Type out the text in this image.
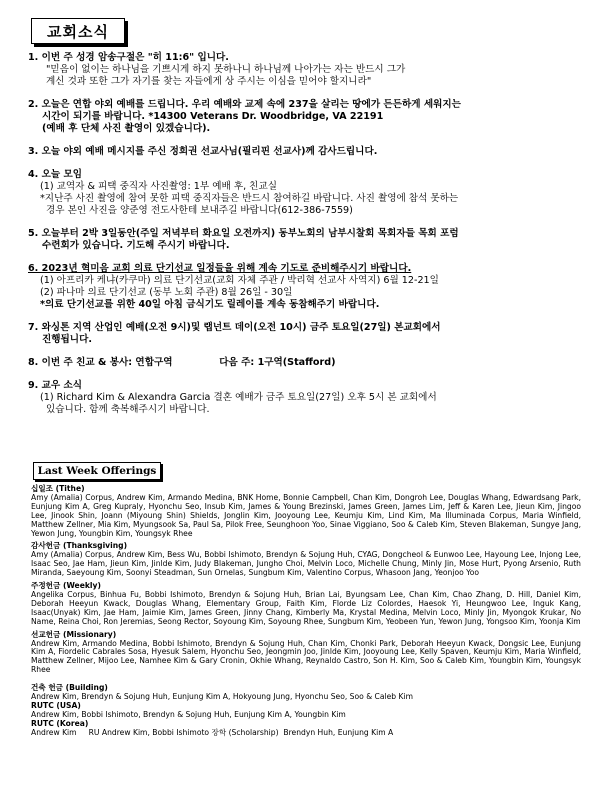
교회소식
1. 이번 주 성경 암송구절은 "히 11:6" 입니다.
"믿음이 없이는 하나님을 기쁘시게 하지 못하나니 하나님께 나아가는 자는 반드시 그가
계신 것과 또한 그가 자기를 찾는 자들에게 상 주시는 이심을 믿어야 할지니라"
2. 오늘은 연합 야외 예배를 드립니다. 우리 예배와 교제 속에 237을 살리는 땅에가 든든하게 세워지는
시간이 되기를 바랍니다. *14300 Veterans Dr. Woodbridge, VA 22191
(예배 후 단체 사진 촬영이 있겠습니다).
3. 오늘 야외 예배 메시지를 주신 정희권 선교사님(필리핀 선교사)께 감사드립니다.
4. 오늘 모임
(1) 교역자 & 피택 중직자 사진촬영: 1부 예배 후, 친교실
*지난주 사진 촬영에 참여 못한 피택 중직자들은 반드시 참여하길 바랍니다. 사진 촬영에 참석 못하는
경우 본인 사진을 양준영 전도사한테 보내주길 바랍니다(612-386-7559)
5. 오늘부터 2박 3일동안(주일 저녁부터 화요일 오전까지) 동부노회의 남부시찰회 목회자들 목회 포럼
수련회가 있습니다. 기도해 주시기 바랍니다.
6. 2023년 혁미음 교회 의료 단기선교 일정들을 위해 계속 기도로 준비해주시기 바랍니다.
(1) 아프리카 케냐(카쿠마) 의료 단기선교(교회 자체 주관 / 박리혁 선교사 사역지) 6월 12-21일
(2) 파나마 의료 단기선교 (동부 노회 주관) 8월 26일 - 30일
*의료 단기선교를 위한 40일 아침 금식기도 릴레이를 계속 동참해주기 바랍니다.
7. 와싱톤 지역 산업인 예배(오전 9시)및 랩넌트 데이(오전 10시) 금주 토요일(27일) 본교회에서
진행됩니다.
8. 이번 주 친교 & 봉사: 연합구역              다음 주: 1구역(Stafford)
9. 교우 소식
(1) Richard Kim & Alexandra Garcia 결혼 예배가 금주 토요일(27일) 오후 5시 본 교회에서
있습니다. 함께 축복해주시기 바랍니다.
Last Week Offerings
십일조 (Tithe)
Amy (Amalia) Corpus, Andrew Kim, Armando Medina, BNK Home, Bonnie Campbell, Chan Kim, Dongroh Lee, Douglas Whang, Edwardsang Park, Eunjung Kim A, Greg Kupraly, Hyonchu Seo, Insub Kim, James & Young Brezinski, James Green, James Lim, Jeff & Karen Lee, Jieun Kim, Jingoo Lee, Jinook Shin, Joann (Miyoung Shin) Shields, Jonglin Kim, Jooyoung Lee, Keumju Kim, Lind Kim, Ma Illuminada Corpus, Maria Winfield, Matthew Zellner, Mia Kim, Myungsook Sa, Paul Sa, Pilok Free, Seunghoon Yoo, Sinae Viggiano, Soo & Caleb Kim, Steven Blakeman, Sungye Jang, Yewon Jung, Youngbin Kim, Youngsyk Rhee
감사헌금 (Thanksgiving)
Amy (Amalia) Corpus, Andrew Kim, Bess Wu, Bobbi Ishimoto, Brendyn & Sojung Huh, CYAG, Dongcheol & Eunwoo Lee, Hayoung Lee, Injong Lee, Isaac Seo, Jae Ham, Jieun Kim, Jinlde Kim, Judy Blakeman, Jungho Choi, Melvin Loco, Michelle Chung, Minly Jin, Mose Hurt, Pyong Arsenio, Ruth Miranda, Saeyoung Kim, Soonyi Steadman, Sun Ornelas, Sungbum Kim, Valentino Corpus, Whasoon Jang, Yeonjoo Yoo
주정헌금 (Weekly)
Angelika Corpus, Binhua Fu, Bobbi Ishimoto, Brendyn & Sojung Huh, Brian Lai, Byungsam Lee, Chan Kim, Chao Zhang, D. Hill, Daniel Kim, Deborah Heeyun Kwack, Douglas Whang, Elementary Group, Faith Kim, Florde Liz Colordes, Haesok Yi, Heungwoo Lee, Inguk Kang, Isaac(Unyak) Kim, Jae Ham, Jaimie Kim, James Green, Jinny Chang, Kimberly Ma, Krystal Medina, Melvin Loco, Minly Jin, Myongok Krukar, No Name, Reina Choi, Ron Jeremias, Seong Rector, Soyoung Kim, Soyoung Rhee, Sungbum Kim, Yeobeen Yun, Yewon Jung, Yongsoo Kim, Yoonja Kim
선교헌금 (Missionary)
Andrew Kim, Armando Medina, Bobbi Ishimoto, Brendyn & Sojung Huh, Chan Kim, Chonki Park, Deborah Heeyun Kwack, Dongsic Lee, Eunjung Kim A, Fiordelic Cabrales Sosa, Hyesuk Salem, Hyonchu Seo, Jeongmin Joo, Jinlde Kim, Jooyoung Lee, Kelly Spaven, Keumju Kim, Maria Winfield, Matthew Zellner, Mijoo Lee, Namhee Kim & Gary Cronin, Okhie Whang, Reynaldo Castro, Son H. Kim, Soo & Caleb Kim, Youngbin Kim, Youngsyk Rhee
건축 헌금 (Building)
Andrew Kim, Brendyn & Sojung Huh, Eunjung Kim A, Hokyoung Jung, Hyonchu Seo, Soo & Caleb Kim
RUTC (USA)
Andrew Kim, Bobbi Ishimoto, Brendyn & Sojung Huh, Eunjung Kim A, Youngbin Kim
RUTC (Korea)
Andrew Kim     RU Andrew Kim, Bobbi Ishimoto 장학 (Scholarship)  Brendyn Huh, Eunjung Kim A
